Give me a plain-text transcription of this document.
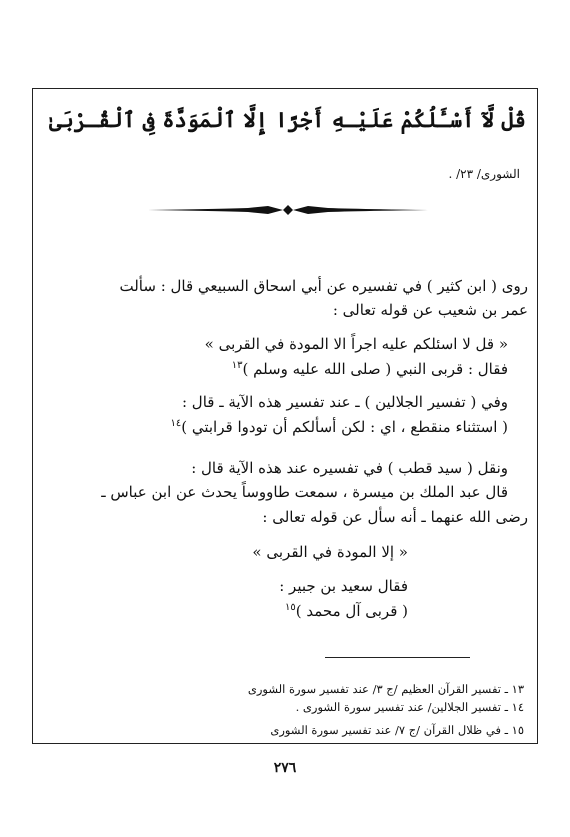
قُلْ لَّآ أَسْـَٔلُكُمْ عَلَيْـهِ أَجْرًا إِلَّا ٱلْمَوَدَّةَ فِى ٱلْقُـرْبَىٰ
الشورى/ ٢٣/ .
روى ( ابن كثير ) في تفسيره عن أبي اسحاق السبيعي قال : سألت
عمر بن شعيب عن قوله تعالى :
« قل لا اسئلكم عليه اجراً الا المودة في القربى »
فقال : قربى النبي ( صلى الله عليه وسلم )$^{١٣}$
وفي ( تفسير الجلالين ) ـ عند تفسير هذه الآية ـ قال :
( استثناء منقطع ، اي : لكن أسألكم أن تودوا قرابتي )$^{١٤}$
ونقل ( سيد قطب ) في تفسيره عند هذه الآية قال :
قال عبد الملك بن ميسرة ، سمعت طاووساً يحدث عن ابن عباس ـ
رضى الله عنهما ـ أنه سأل عن قوله تعالى :
« إلا المودة في القربى »
فقال سعيد بن جبير :
( قربى آل محمد )$^{١٥}$
١٣ ـ تفسير القرآن العظيم /ج ٣/ عند تفسير سورة الشورى
١٤ ـ تفسير الجلالين/ عند تفسير سورة الشورى .
١٥ ـ في ظلال القرآن /ج ٧/ عند تفسير سورة الشورى
٢٧٦
